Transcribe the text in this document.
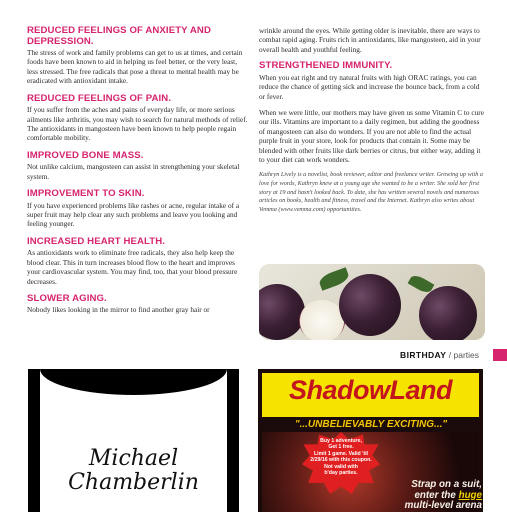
REDUCED FEELINGS OF ANXIETY AND DEPRESSION.

The stress of work and family problems can get to us at times, and certain foods have been known to aid in helping us feel better, or the very least, less stressed. The free radicals that pose a threat to mental health may be eradicated with antioxidant intake.

REDUCED FEELINGS OF PAIN.

If you suffer from the aches and pains of everyday life, or more serious ailments like arthritis, you may wish to search for natural methods of relief. The antioxidants in mangosteen have been known to help people regain comfortable mobility.

IMPROVED BONE MASS.

Not unlike calcium, mangosteen can assist in strengthening your skeletal system.

IMPROVEMENT TO SKIN.

If you have experienced problems like rashes or acne, regular intake of a super fruit may help clear any such problems and leave you looking and feeling younger.

INCREASED HEART HEALTH.

As antioxidants work to eliminate free radicals, they also help keep the blood clear. This in turn increases blood flow to the heart and improves your cardiovascular system. You may find, too, that your blood pressure decreases.

SLOWER AGING.

Nobody likes looking in the mirror to find another gray hair or

wrinkle around the eyes. While getting older is inevitable, there are ways to combat rapid aging. Fruits rich in antioxidants, like mangosteen, aid in your overall health and youthful feeling.

STRENGTHENED IMMUNITY.

When you eat right and try natural fruits with high ORAC ratings, you can reduce the chance of getting sick and increase the bounce back, from a cold or fever.

When we were little, our mothers may have given us some Vitamin C to cure our ills. Vitamins are important to a daily regimen, but adding the goodness of mangosteen can also do wonders. If you are not able to find the actual purple fruit in your store, look for products that contain it. Some may be blended with other fruits like dark berries or citrus, but either way, adding it to your diet can work wonders.

Kathryn Lively is a novelist, book reviewer, editor and freelance writer. Growing up with a love for words, Kathryn knew at a young age she wanted to be a writer. She sold her first story at 19 and hasn't looked back. To date, she has written several novels and numerous articles on books, health and fitness, travel and the Internet. Kathryn also writes about Vemma (www.vemma.com) opportunities.

BIRTHDAY / parties
Michael
Chamberlin
ShadowLand
"...UNBELIEVABLY EXCITING..."
Buy 1 adventure,
Get 1 free.
Limit 1 game. Valid 'til
2/29/16 with this coupon.
Not valid with
b'day parties.
Strap on a suit,
enter the huge
multi-level arena
